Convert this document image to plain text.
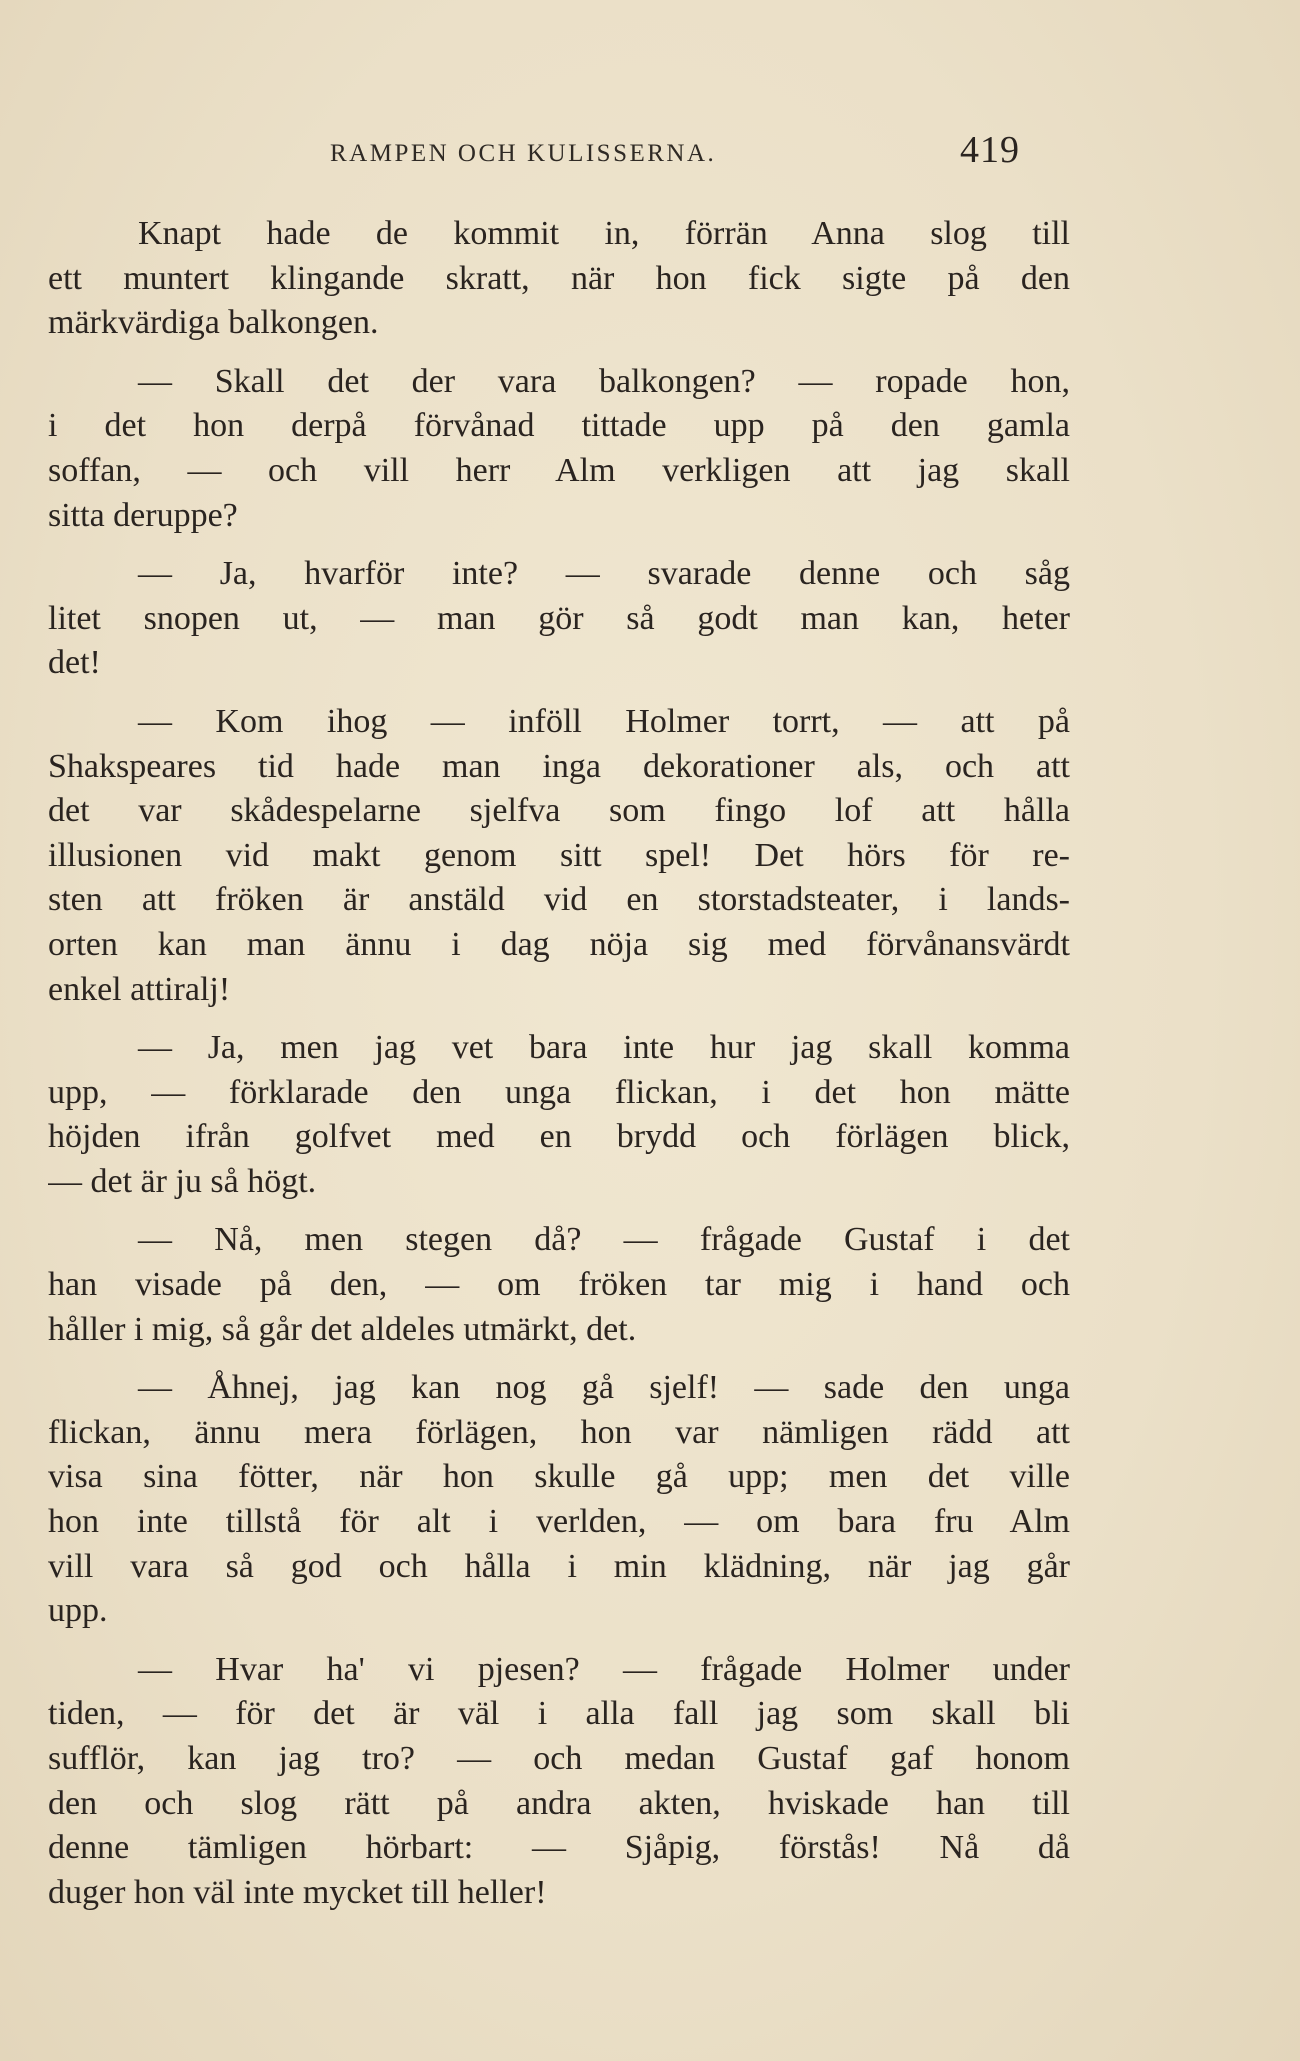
RAMPEN OCH KULISSERNA.	419
Knapt hade de kommit in, förrän Anna slog till
ett muntert klingande skratt, när hon fick sigte på den
märkvärdiga balkongen.
— Skall det der vara balkongen? — ropade hon,
i det hon derpå förvånad tittade upp på den gamla
soffan, — och vill herr Alm verkligen att jag skall
sitta deruppe?
— Ja, hvarför inte? — svarade denne och såg
litet snopen ut, — man gör så godt man kan, heter
det!
— Kom ihog — inföll Holmer torrt, — att på
Shakspeares tid hade man inga dekorationer als, och att
det var skådespelarne sjelfva som fingo lof att hålla
illusionen vid makt genom sitt spel! Det hörs för re-
sten att fröken är anstäld vid en storstadsteater, i lands-
orten kan man ännu i dag nöja sig med förvånansvärdt
enkel attiralj!
— Ja, men jag vet bara inte hur jag skall komma
upp, — förklarade den unga flickan, i det hon mätte
höjden ifrån golfvet med en brydd och förlägen blick,
— det är ju så högt.
— Nå, men stegen då? — frågade Gustaf i det
han visade på den, — om fröken tar mig i hand och
håller i mig, så går det aldeles utmärkt, det.
— Åhnej, jag kan nog gå sjelf! — sade den unga
flickan, ännu mera förlägen, hon var nämligen rädd att
visa sina fötter, när hon skulle gå upp; men det ville
hon inte tillstå för alt i verlden, — om bara fru Alm
vill vara så god och hålla i min klädning, när jag går
upp.
— Hvar ha' vi pjesen? — frågade Holmer under
tiden, — för det är väl i alla fall jag som skall bli
sufflör, kan jag tro? — och medan Gustaf gaf honom
den och slog rätt på andra akten, hviskade han till
denne tämligen hörbart: — Sjåpig, förstås! Nå då
duger hon väl inte mycket till heller!
